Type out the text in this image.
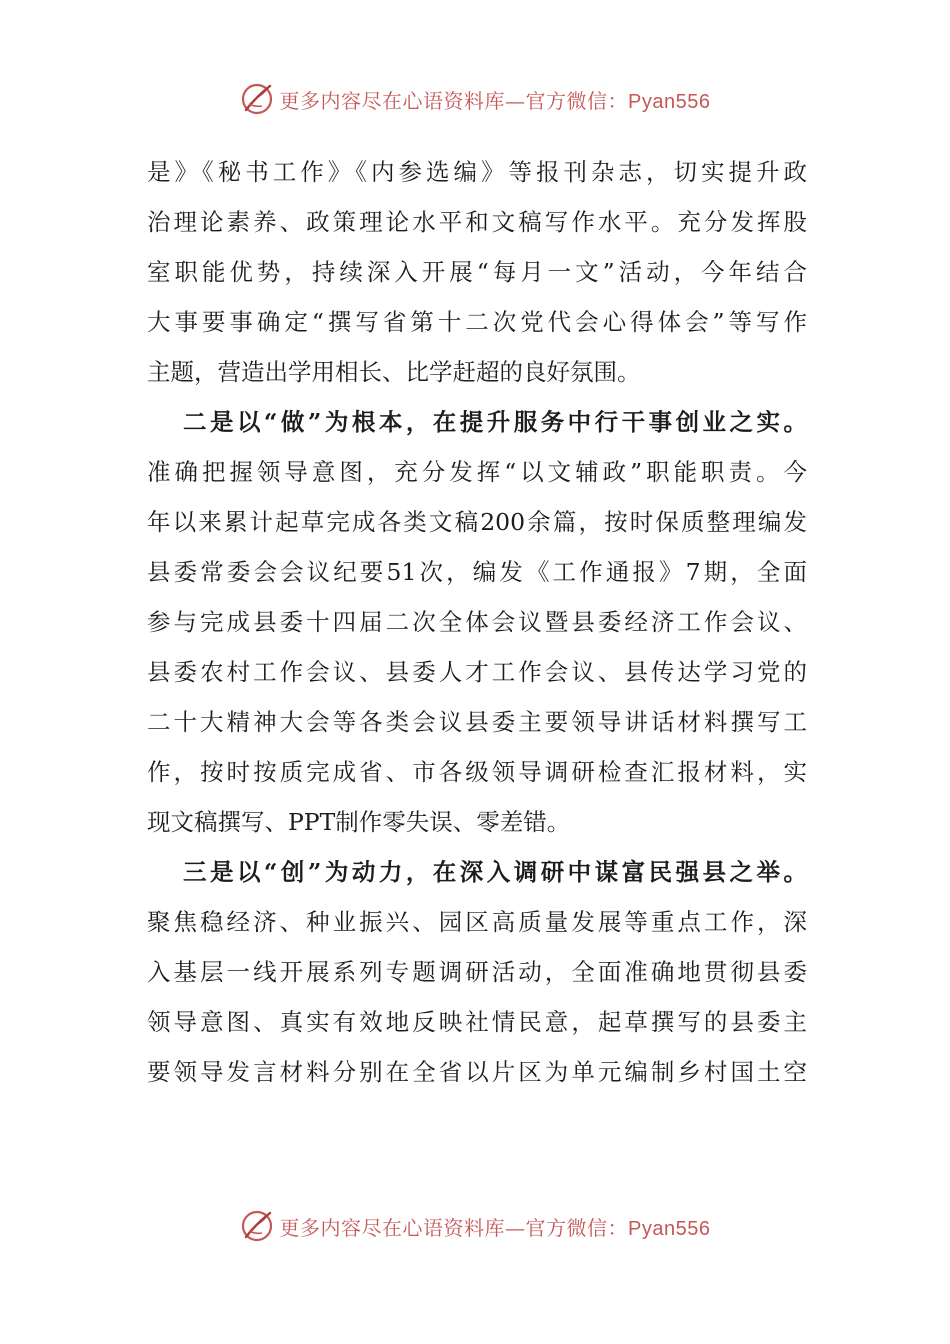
更多内容尽在心语资料库—官方微信：Pyan556
是》《秘书工作》《内参选编》等报刊杂志，切实提升政
治理论素养、政策理论水平和文稿写作水平。充分发挥股
室职能优势，持续深入开展“每月一文”活动，今年结合
大事要事确定“撰写省第十二次党代会心得体会”等写作
主题，营造出学用相长、比学赶超的良好氛围。
二是以“做”为根本，在提升服务中行干事创业之实。
准确把握领导意图，充分发挥“以文辅政”职能职责。今
年以来累计起草完成各类文稿200余篇，按时保质整理编发
县委常委会会议纪要51次，编发《工作通报》7期，全面
参与完成县委十四届二次全体会议暨县委经济工作会议、
县委农村工作会议、县委人才工作会议、县传达学习党的
二十大精神大会等各类会议县委主要领导讲话材料撰写工
作，按时按质完成省、市各级领导调研检查汇报材料，实
现文稿撰写、PPT制作零失误、零差错。
三是以“创”为动力，在深入调研中谋富民强县之举。
聚焦稳经济、种业振兴、园区高质量发展等重点工作，深
入基层一线开展系列专题调研活动，全面准确地贯彻县委
领导意图、真实有效地反映社情民意，起草撰写的县委主
要领导发言材料分别在全省以片区为单元编制乡村国土空
更多内容尽在心语资料库—官方微信：Pyan556
